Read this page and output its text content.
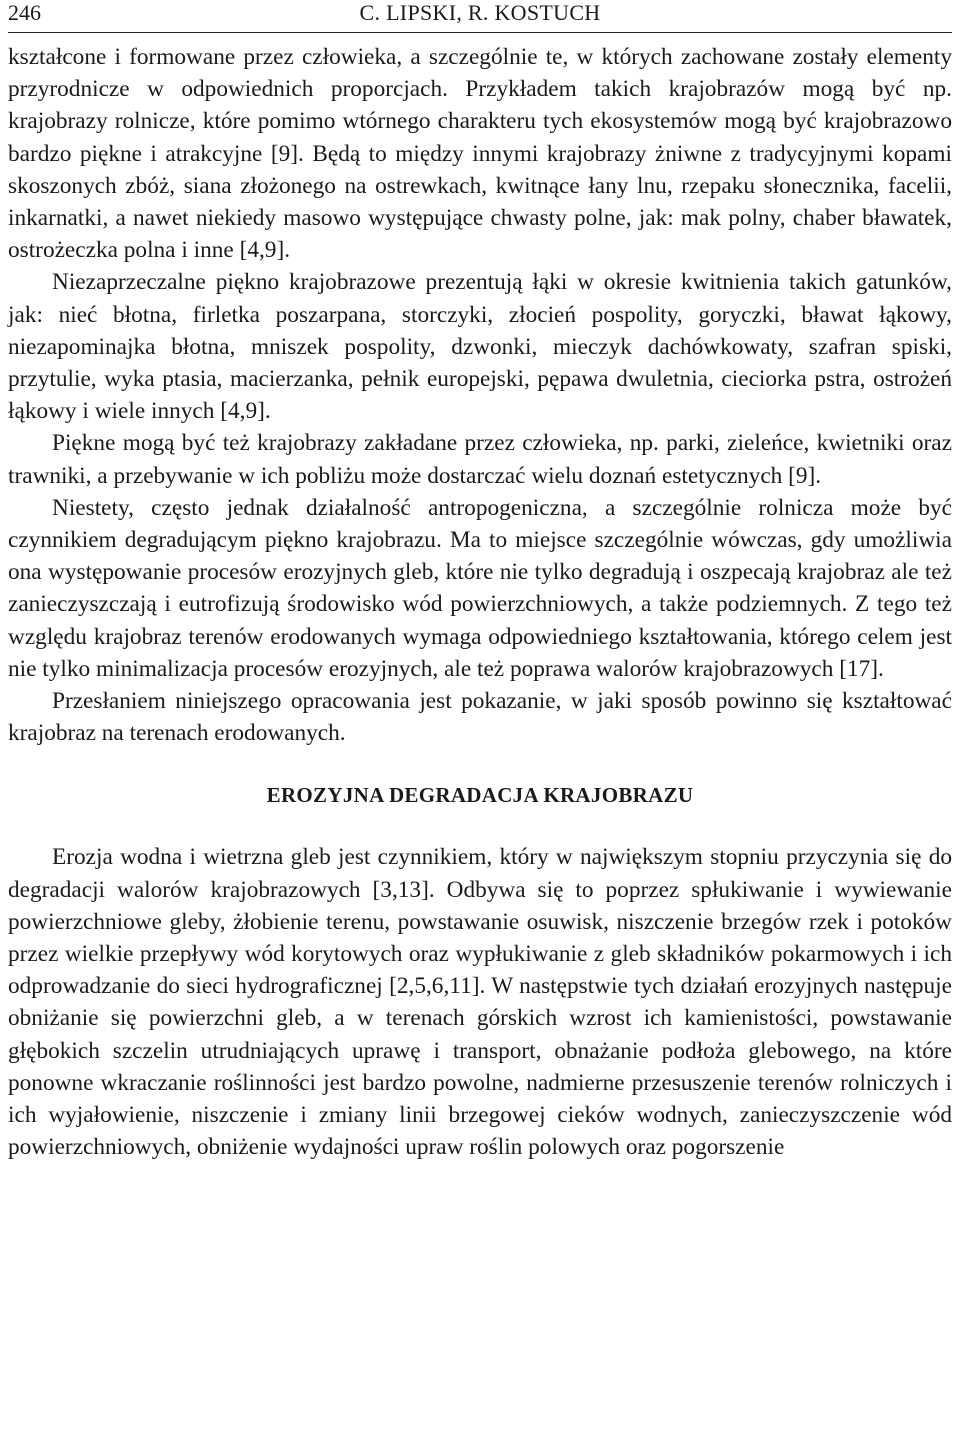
246	C. LIPSKI, R. KOSTUCH

kształcone i formowane przez człowieka, a szczególnie te, w których zachowane zostały elementy przyrodnicze w odpowiednich proporcjach. Przykładem takich krajobrazów mogą być np. krajobrazy rolnicze, które pomimo wtórnego charakteru tych ekosystemów mogą być krajobrazowo bardzo piękne i atrakcyjne [9]. Będą to między innymi krajobrazy żniwne z tradycyjnymi kopami skoszonych zbóż, siana złożonego na ostrewkach, kwitnące łany lnu, rzepaku słonecznika, facelii, inkarnatki, a nawet niekiedy masowo występujące chwasty polne, jak: mak polny, chaber bławatek, ostrożeczka polna i inne [4,9].

Niezaprzeczalne piękno krajobrazowe prezentują łąki w okresie kwitnienia takich gatunków, jak: nieć błotna, firletka poszarpana, storczyki, złocień pospolity, goryczki, bławat łąkowy, niezapominajka błotna, mniszek pospolity, dzwonki, mieczyk dachówkowaty, szafran spiski, przytulie, wyka ptasia, macierzanka, pełnik europejski, pępawa dwuletnia, cieciorka pstra, ostrożeń łąkowy i wiele innych [4,9].

Piękne mogą być też krajobrazy zakładane przez człowieka, np. parki, zieleńce, kwietniki oraz trawniki, a przebywanie w ich pobliżu może dostarczać wielu doznań estetycznych [9].

Niestety, często jednak działalność antropogeniczna, a szczególnie rolnicza może być czynnikiem degradującym piękno krajobrazu. Ma to miejsce szczególnie wówczas, gdy umożliwia ona występowanie procesów erozyjnych gleb, które nie tylko degradują i oszpecają krajobraz ale też zanieczyszczają i eutrofizują środowisko wód powierzchniowych, a także podziemnych. Z tego też względu krajobraz terenów erodowanych wymaga odpowiedniego kształtowania, którego celem jest nie tylko minimalizacja procesów erozyjnych, ale też poprawa walorów krajobrazowych [17].

Przesłaniem niniejszego opracowania jest pokazanie, w jaki sposób powinno się kształtować krajobraz na terenach erodowanych.

EROZYJNA DEGRADACJA KRAJOBRAZU

Erozja wodna i wietrzna gleb jest czynnikiem, który w największym stopniu przyczynia się do degradacji walorów krajobrazowych [3,13]. Odbywa się to poprzez spłukiwanie i wywiewanie powierzchniowe gleby, żłobienie terenu, powstawanie osuwisk, niszczenie brzegów rzek i potoków przez wielkie przepływy wód korytowych oraz wypłukiwanie z gleb składników pokarmowych i ich odprowadzanie do sieci hydrograficznej [2,5,6,11]. W następstwie tych działań erozyjnych następuje obniżanie się powierzchni gleb, a w terenach górskich wzrost ich kamienistości, powstawanie głębokich szczelin utrudniających uprawę i transport, obnażanie podłoża glebowego, na które ponowne wkraczanie roślinności jest bardzo powolne, nadmierne przesuszenie terenów rolniczych i ich wyjałowienie, niszczenie i zmiany linii brzegowej cieków wodnych, zanieczyszczenie wód powierzchniowych, obniżenie wydajności upraw roślin polowych oraz pogorszenie
